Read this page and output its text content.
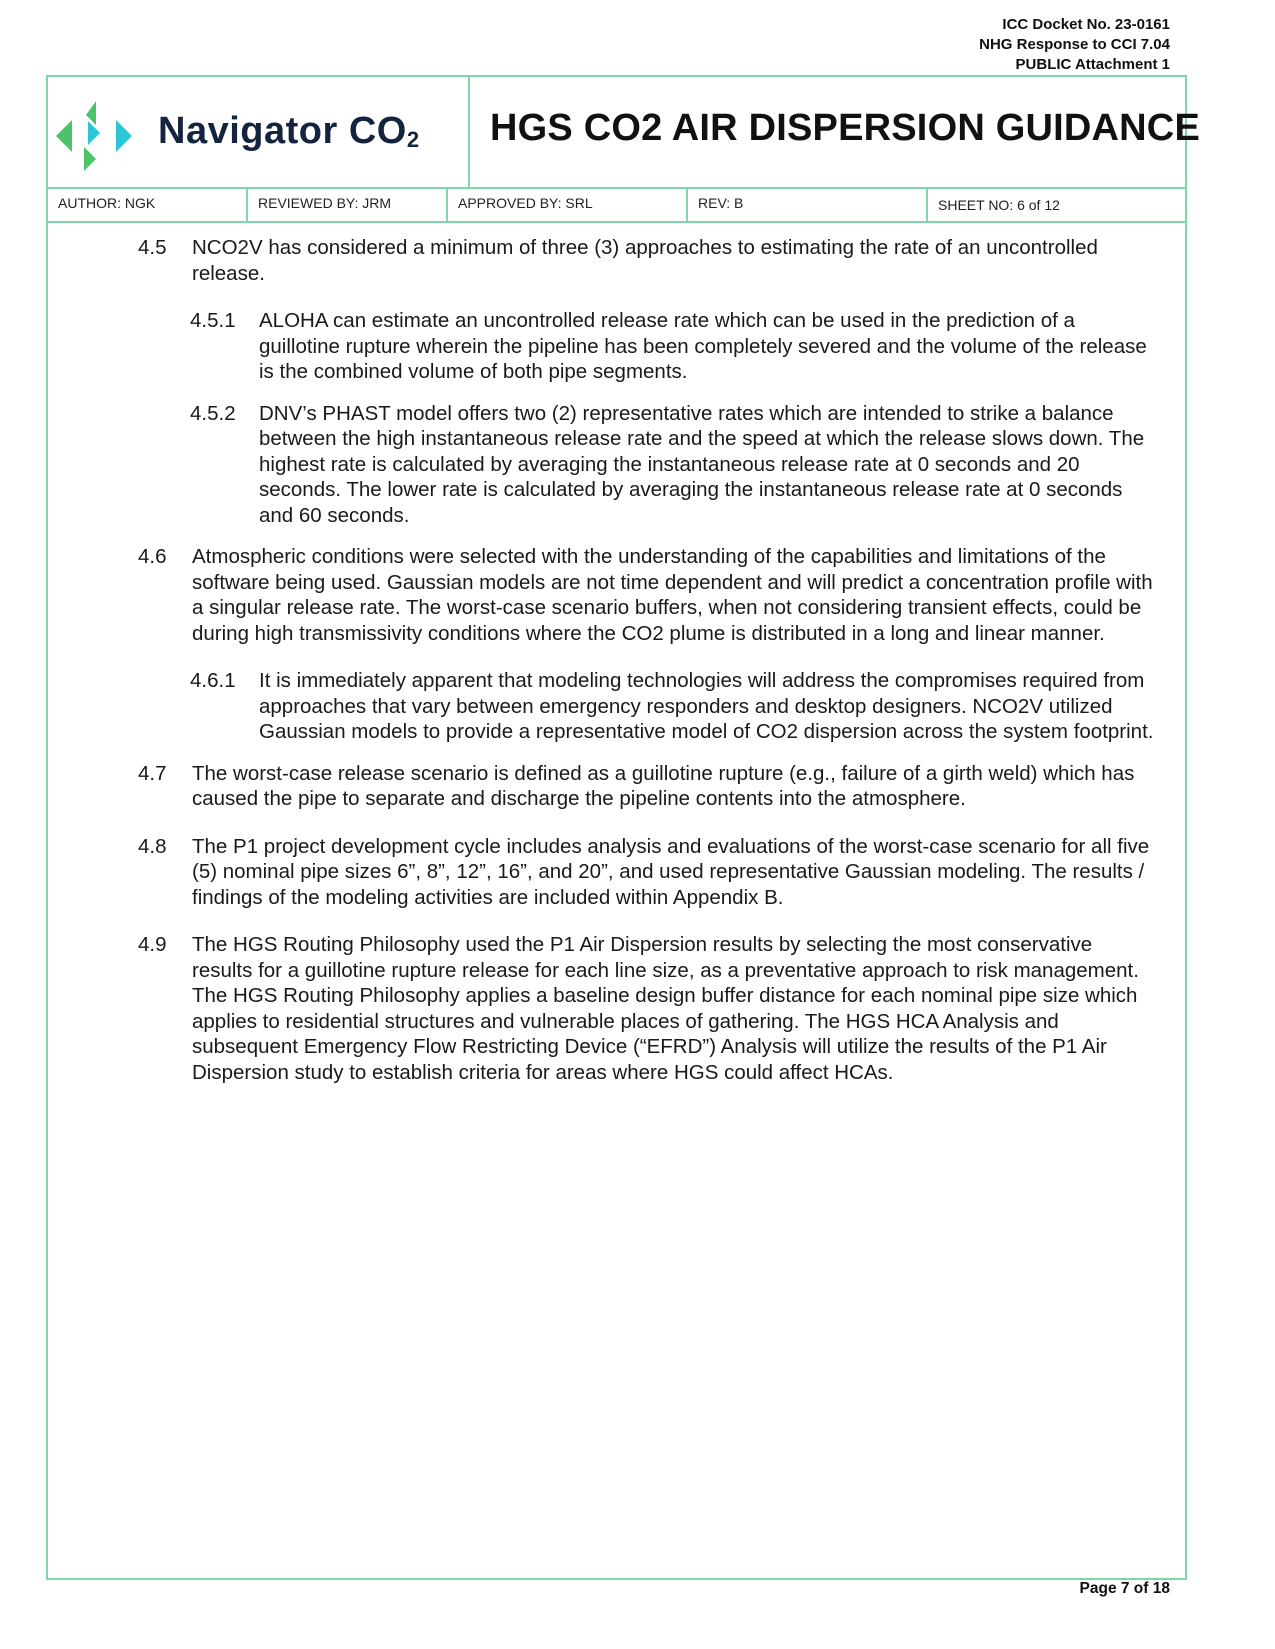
ICC Docket No. 23-0161
NHG Response to CCI 7.04
PUBLIC Attachment 1
Navigator $CO_2$ HGS CO2 AIR DISPERSION GUIDANCE
AUTHOR: NGK	REVIEWED BY: JRM	APPROVED BY: SRL	REV: B	SHEET NO: 6 of 12
4.5 NCO2V has considered a minimum of three (3) approaches to estimating the rate of an uncontrolled release.
4.5.1 ALOHA can estimate an uncontrolled release rate which can be used in the prediction of a guillotine rupture wherein the pipeline has been completely severed and the volume of the release is the combined volume of both pipe segments.
4.5.2 DNV’s PHAST model offers two (2) representative rates which are intended to strike a balance between the high instantaneous release rate and the speed at which the release slows down. The highest rate is calculated by averaging the instantaneous release rate at 0 seconds and 20 seconds. The lower rate is calculated by averaging the instantaneous release rate at 0 seconds and 60 seconds.
4.6 Atmospheric conditions were selected with the understanding of the capabilities and limitations of the software being used. Gaussian models are not time dependent and will predict a concentration profile with a singular release rate. The worst-case scenario buffers, when not considering transient effects, could be during high transmissivity conditions where the CO2 plume is distributed in a long and linear manner.
4.6.1 It is immediately apparent that modeling technologies will address the compromises required from approaches that vary between emergency responders and desktop designers. NCO2V utilized Gaussian models to provide a representative model of CO2 dispersion across the system footprint.
4.7 The worst-case release scenario is defined as a guillotine rupture (e.g., failure of a girth weld) which has caused the pipe to separate and discharge the pipeline contents into the atmosphere.
4.8 The P1 project development cycle includes analysis and evaluations of the worst-case scenario for all five (5) nominal pipe sizes 6”, 8”, 12”, 16”, and 20”, and used representative Gaussian modeling. The results / findings of the modeling activities are included within Appendix B.
4.9 The HGS Routing Philosophy used the P1 Air Dispersion results by selecting the most conservative results for a guillotine rupture release for each line size, as a preventative approach to risk management. The HGS Routing Philosophy applies a baseline design buffer distance for each nominal pipe size which applies to residential structures and vulnerable places of gathering. The HGS HCA Analysis and subsequent Emergency Flow Restricting Device (“EFRD”) Analysis will utilize the results of the P1 Air Dispersion study to establish criteria for areas where HGS could affect HCAs.
Page 7 of 18
